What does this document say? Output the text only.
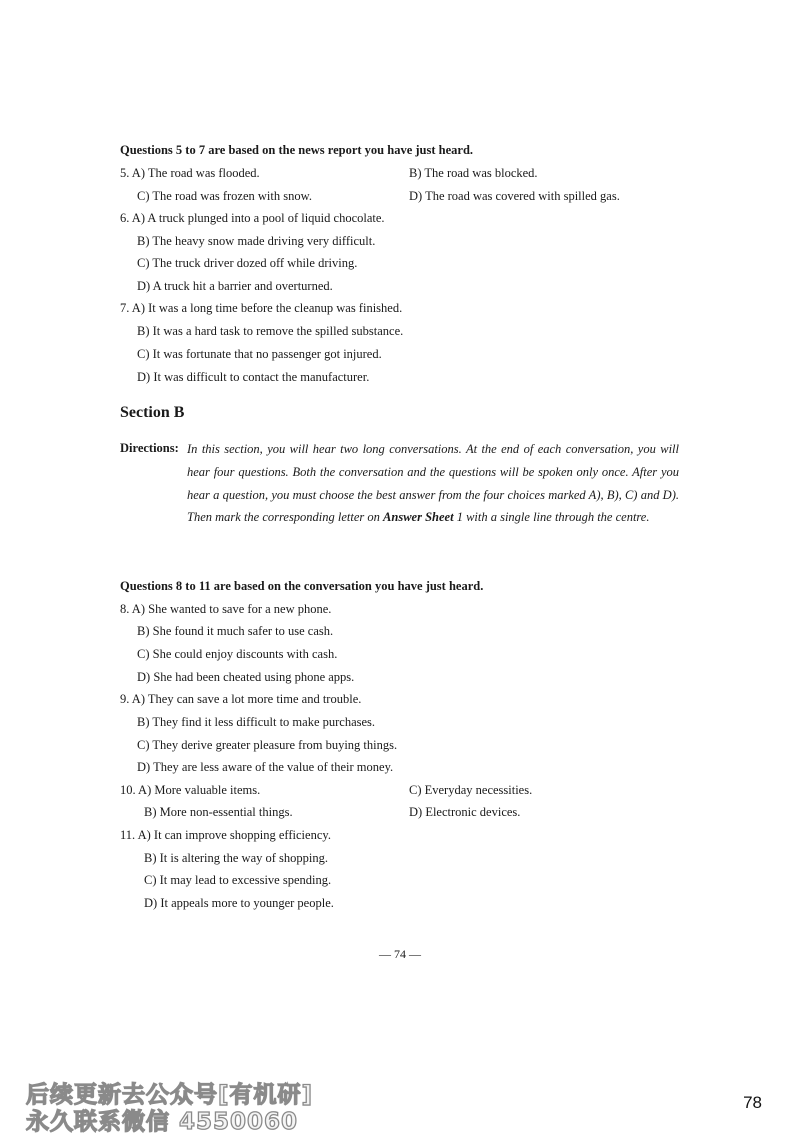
Questions 5 to 7 are based on the news report you have just heard.
5. A) The road was flooded.	B) The road was blocked.
C) The road was frozen with snow.	D) The road was covered with spilled gas.
6. A) A truck plunged into a pool of liquid chocolate.
B) The heavy snow made driving very difficult.
C) The truck driver dozed off while driving.
D) A truck hit a barrier and overturned.
7. A) It was a long time before the cleanup was finished.
B) It was a hard task to remove the spilled substance.
C) It was fortunate that no passenger got injured.
D) It was difficult to contact the manufacturer.
Section B
Directions: In this section, you will hear two long conversations. At the end of each conversation, you will hear four questions. Both the conversation and the questions will be spoken only once. After you hear a question, you must choose the best answer from the four choices marked A), B), C) and D). Then mark the corresponding letter on Answer Sheet 1 with a single line through the centre.
Questions 8 to 11 are based on the conversation you have just heard.
8. A) She wanted to save for a new phone.
B) She found it much safer to use cash.
C) She could enjoy discounts with cash.
D) She had been cheated using phone apps.
9. A) They can save a lot more time and trouble.
B) They find it less difficult to make purchases.
C) They derive greater pleasure from buying things.
D) They are less aware of the value of their money.
10. A) More valuable items.	C) Everyday necessities.
B) More non-essential things.	D) Electronic devices.
11. A) It can improve shopping efficiency.
B) It is altering the way of shopping.
C) It may lead to excessive spending.
D) It appeals more to younger people.
— 74 —
后续更新去公众号[有机研]
永久联系微信 4550060
78
